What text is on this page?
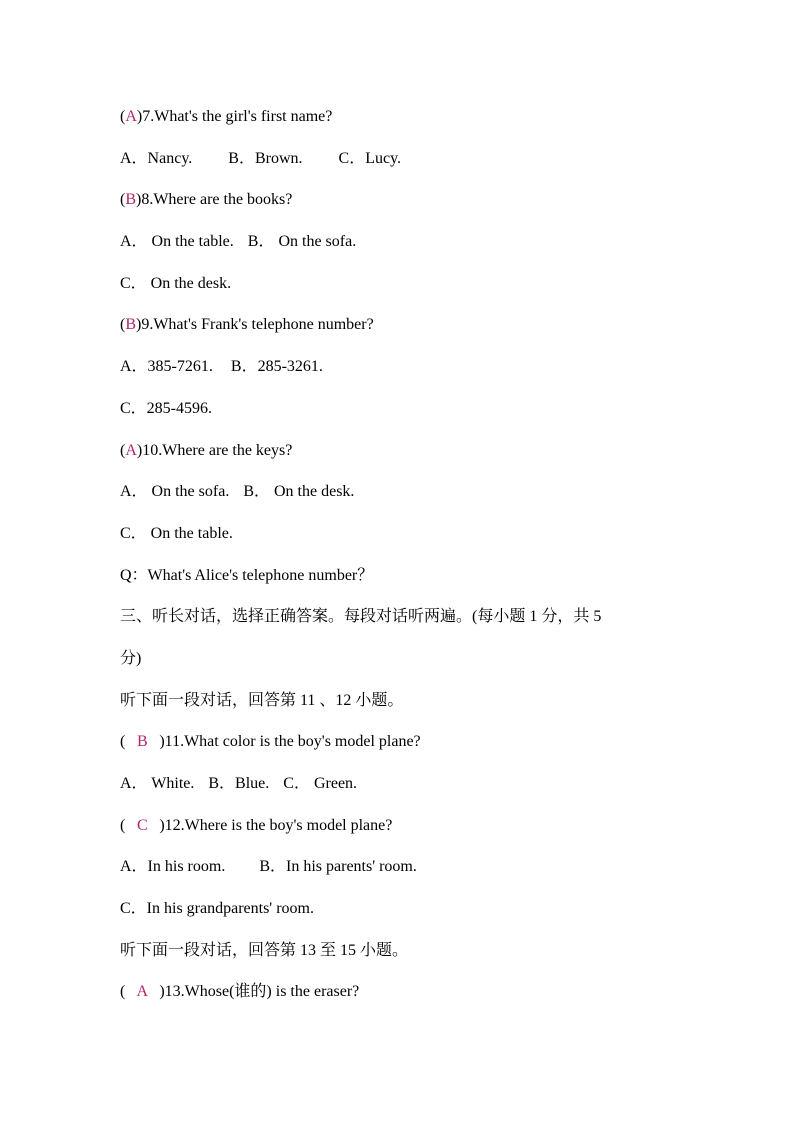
(A)7.What's the girl's first name?
A．Nancy. B．Brown. C．Lucy.
(B)8.Where are the books?
A． On the table. B． On the sofa.
C． On the desk.
(B)9.What's Frank's telephone number?
A．385-7261. B．285-3261.
C．285-4596.
(A)10.Where are the keys?
A． On the sofa. B． On the desk.
C． On the table.
Q：What's Alice's telephone number？
三、听长对话，选择正确答案。每段对话听两遍。(每小题 1 分，共 5
分)
听下面一段对话，回答第 11 、12 小题。
( B )11.What color is the boy's model plane?
A． White. B．Blue. C． Green.
( C )12.Where is the boy's model plane?
A．In his room. B．In his parents' room.
C．In his grandparents' room.
听下面一段对话，回答第 13 至 15 小题。
( A )13.Whose(谁的) is the eraser?
